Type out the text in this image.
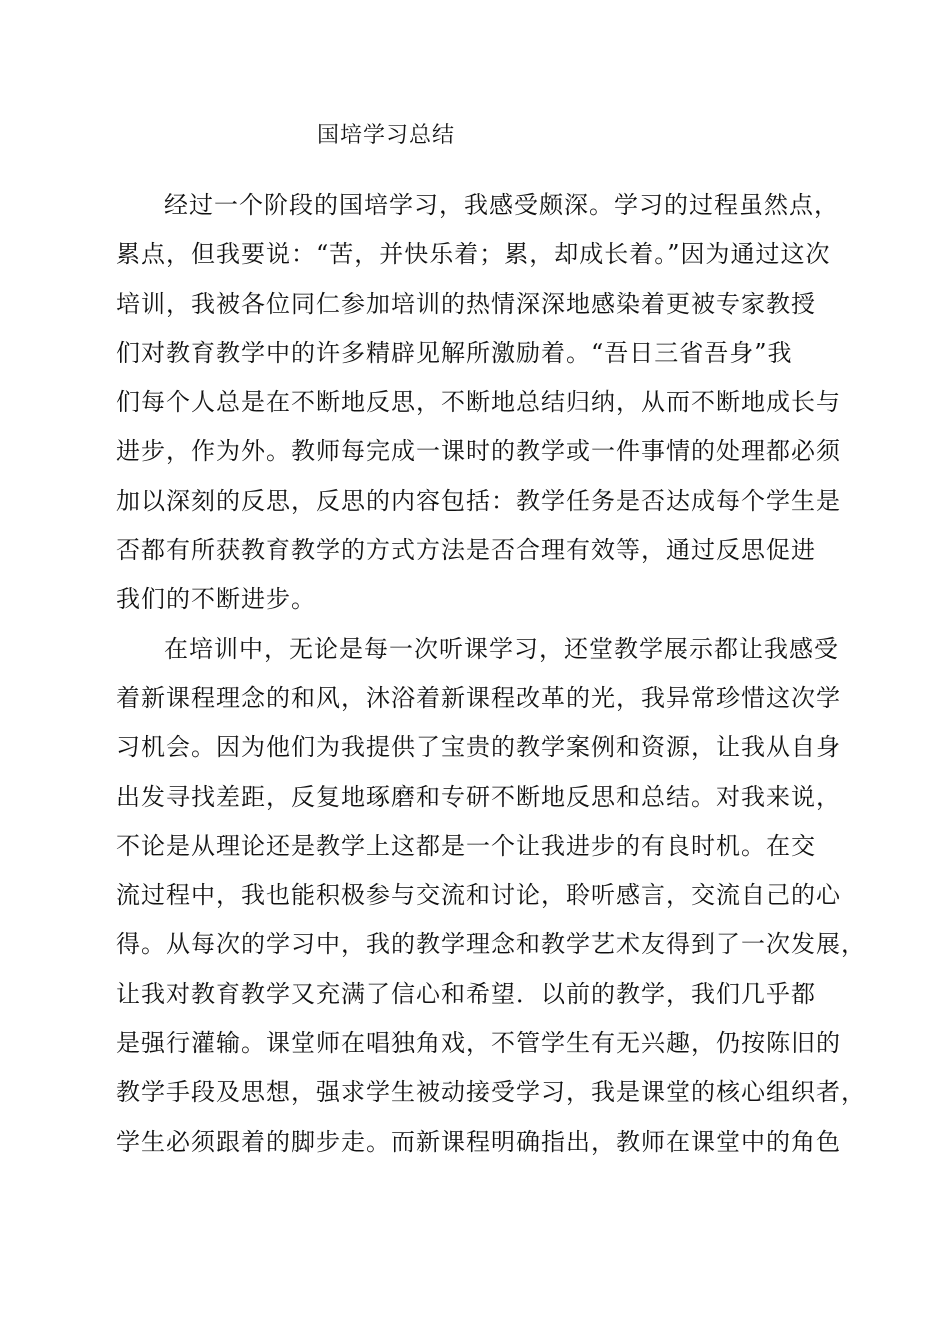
国培学习总结
经过一个阶段的国培学习，我感受颇深。学习的过程虽然点，
累点，但我要说：“苦，并快乐着；累，却成长着。”因为通过这次
培训，我被各位同仁参加培训的热情深深地感染着更被专家教授
们对教育教学中的许多精辟见解所激励着。“吾日三省吾身”我
们每个人总是在不断地反思，不断地总结归纳，从而不断地成长与
进步，作为外。教师每完成一课时的教学或一件事情的处理都必须
加以深刻的反思，反思的内容包括：教学任务是否达成每个学生是
否都有所获教育教学的方式方法是否合理有效等，通过反思促进
我们的不断进步。
在培训中，无论是每一次听课学习，还堂教学展示都让我感受
着新课程理念的和风，沐浴着新课程改革的光，我异常珍惜这次学
习机会。因为他们为我提供了宝贵的教学案例和资源，让我从自身
出发寻找差距，反复地琢磨和专研不断地反思和总结。对我来说，
不论是从理论还是教学上这都是一个让我进步的有良时机。在交
流过程中，我也能积极参与交流和讨论，聆听感言，交流自己的心
得。从每次的学习中，我的教学理念和教学艺术友得到了一次发展，
让我对教育教学又充满了信心和希望．以前的教学，我们几乎都
是强行灌输。课堂师在唱独角戏，不管学生有无兴趣，仍按陈旧的
教学手段及思想，强求学生被动接受学习，我是课堂的核心组织者，
学生必须跟着的脚步走。而新课程明确指出，教师在课堂中的角色
